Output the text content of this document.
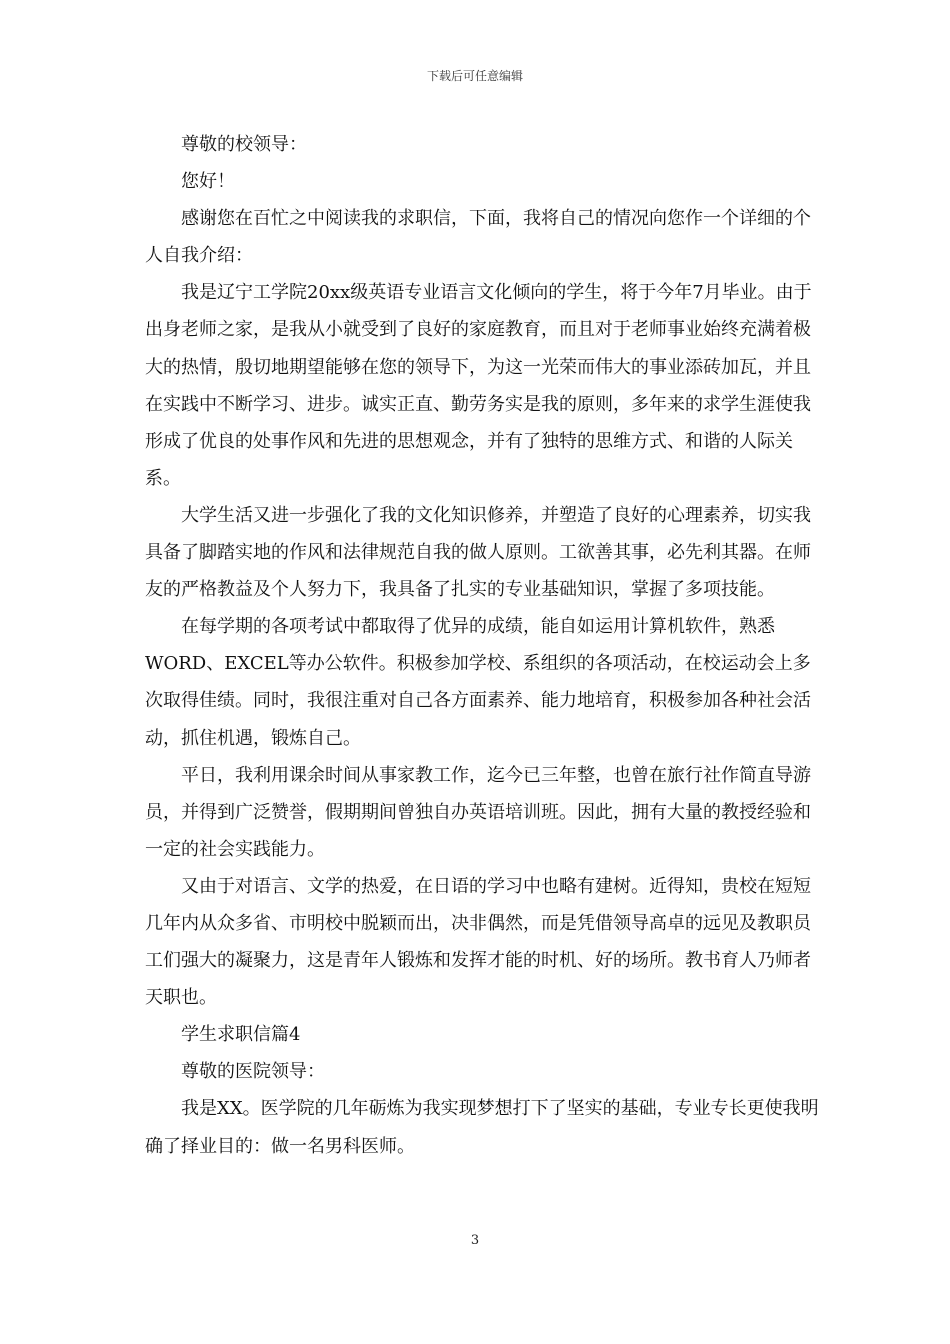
下载后可任意编辑

尊敬的校领导：

您好！

感谢您在百忙之中阅读我的求职信，下面，我将自己的情况向您作一个详细的个人自我介绍：

我是辽宁工学院20xx级英语专业语言文化倾向的学生，将于今年7月毕业。由于出身老师之家，是我从小就受到了良好的家庭教育，而且对于老师事业始终充满着极大的热情，殷切地期望能够在您的领导下，为这一光荣而伟大的事业添砖加瓦，并且在实践中不断学习、进步。诚实正直、勤劳务实是我的原则，多年来的求学生涯使我形成了优良的处事作风和先进的思想观念，并有了独特的思维方式、和谐的人际关系。

大学生活又进一步强化了我的文化知识修养，并塑造了良好的心理素养，切实我具备了脚踏实地的作风和法律规范自我的做人原则。工欲善其事，必先利其器。在师友的严格教益及个人努力下，我具备了扎实的专业基础知识，掌握了多项技能。

在每学期的各项考试中都取得了优异的成绩，能自如运用计算机软件，熟悉WORD、EXCEL等办公软件。积极参加学校、系组织的各项活动，在校运动会上多次取得佳绩。同时，我很注重对自己各方面素养、能力地培育，积极参加各种社会活动，抓住机遇，锻炼自己。

平日，我利用课余时间从事家教工作，迄今已三年整，也曾在旅行社作简直导游员，并得到广泛赞誉，假期期间曾独自办英语培训班。因此，拥有大量的教授经验和一定的社会实践能力。

又由于对语言、文学的热爱，在日语的学习中也略有建树。近得知，贵校在短短几年内从众多省、市明校中脱颖而出，决非偶然，而是凭借领导高卓的远见及教职员工们强大的凝聚力，这是青年人锻炼和发挥才能的时机、好的场所。教书育人乃师者天职也。

学生求职信篇4

尊敬的医院领导：

我是XX。医学院的几年砺炼为我实现梦想打下了坚实的基础，专业专长更使我明确了择业目的：做一名男科医师。

3
